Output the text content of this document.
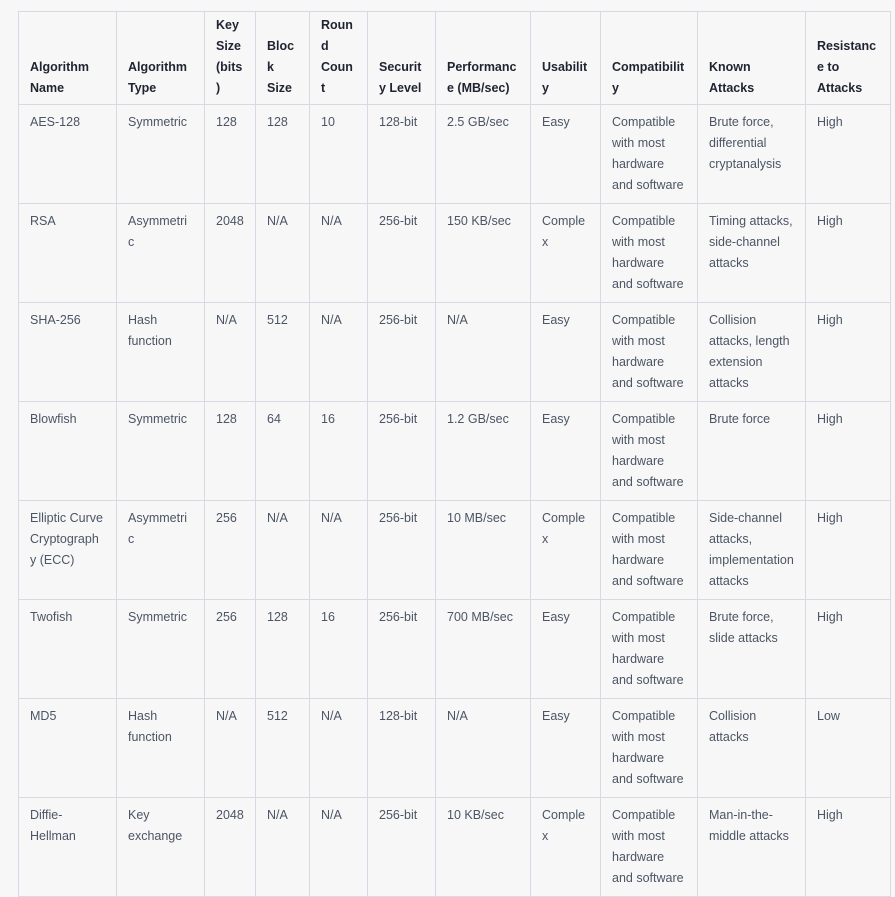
Algorithm Name	Algorithm Type	Key Size (bits)	Block Size	Round Count	Security Level	Performance (MB/sec)	Usability	Compatibility	Known Attacks	Resistance to Attacks
AES-128	Symmetric	128	128	10	128-bit	2.5 GB/sec	Easy	Compatible with most hardware and software	Brute force, differential cryptanalysis	High
RSA	Asymmetric	2048	N/A	N/A	256-bit	150 KB/sec	Complex	Compatible with most hardware and software	Timing attacks, side-channel attacks	High
SHA-256	Hash function	N/A	512	N/A	256-bit	N/A	Easy	Compatible with most hardware and software	Collision attacks, length extension attacks	High
Blowfish	Symmetric	128	64	16	256-bit	1.2 GB/sec	Easy	Compatible with most hardware and software	Brute force	High
Elliptic Curve Cryptography (ECC)	Asymmetric	256	N/A	N/A	256-bit	10 MB/sec	Complex	Compatible with most hardware and software	Side-channel attacks, implementation attacks	High
Twofish	Symmetric	256	128	16	256-bit	700 MB/sec	Easy	Compatible with most hardware and software	Brute force, slide attacks	High
MD5	Hash function	N/A	512	N/A	128-bit	N/A	Easy	Compatible with most hardware and software	Collision attacks	Low
Diffie-Hellman	Key exchange	2048	N/A	N/A	256-bit	10 KB/sec	Complex	Compatible with most hardware and software	Man-in-the-middle attacks	High
